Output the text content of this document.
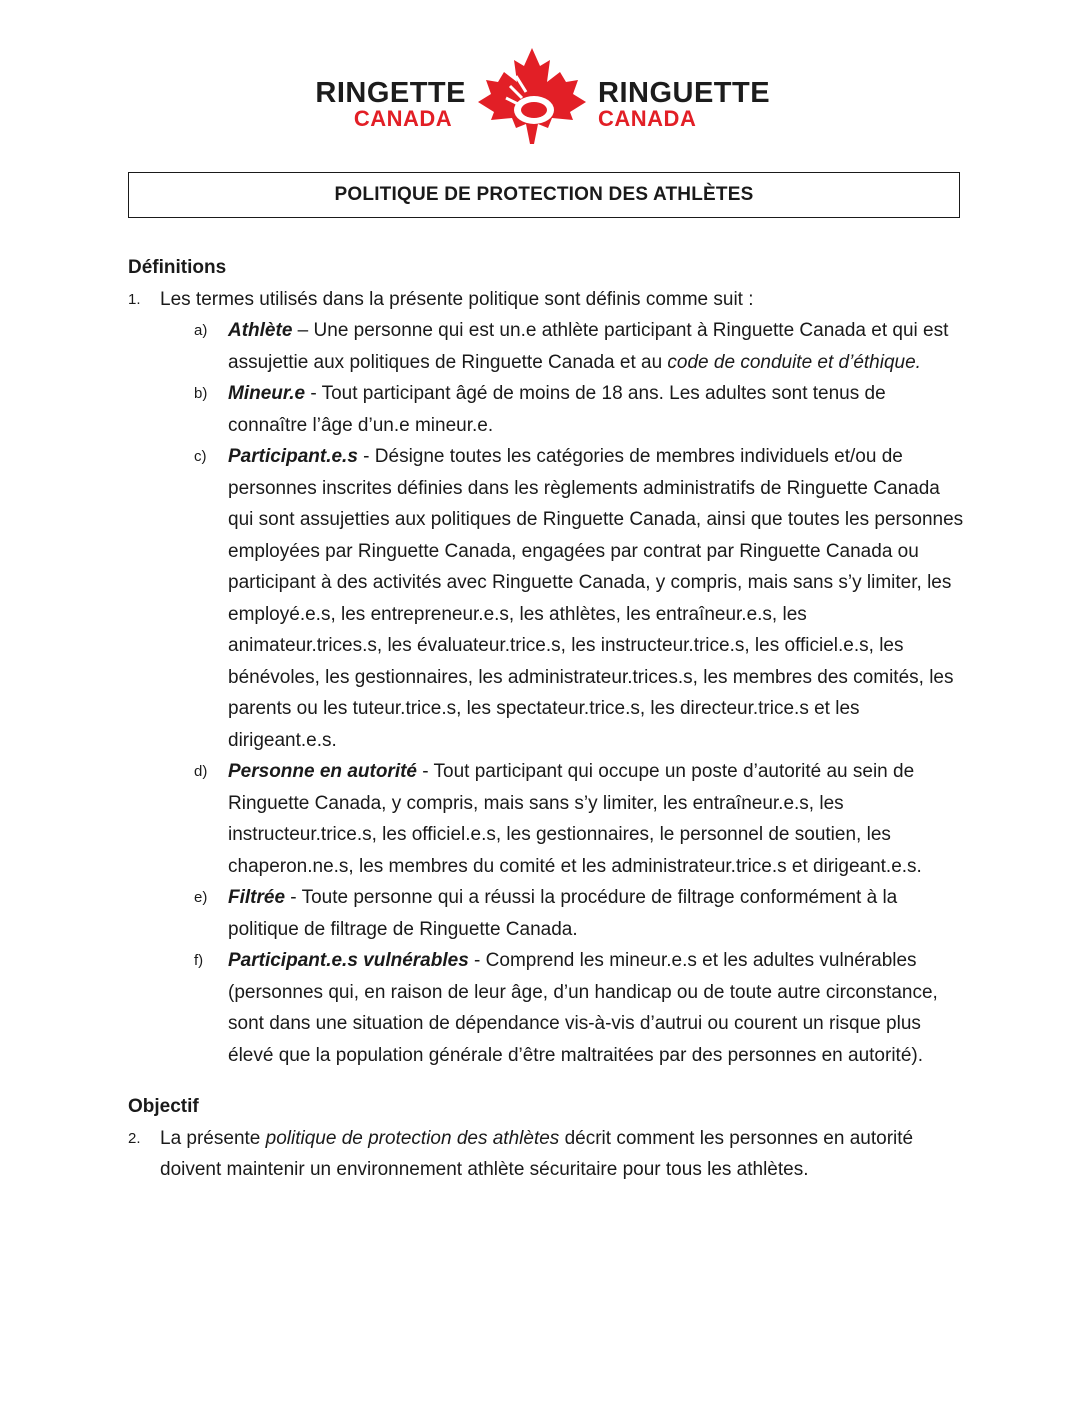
RINGETTE
CANADA
RINGUETTE
CANADA
POLITIQUE DE PROTECTION DES ATHLÈTES

Définitions

1.	Les termes utilisés dans la présente politique sont définis comme suit :
a)	Athlète – Une personne qui est un.e athlète participant à Ringuette Canada et qui est assujettie aux politiques de Ringuette Canada et au code de conduite et d’éthique.
b)	Mineur.e - Tout participant âgé de moins de 18 ans. Les adultes sont tenus de connaître l’âge d’un.e mineur.e.
c)	Participant.e.s - Désigne toutes les catégories de membres individuels et/ou de personnes inscrites définies dans les règlements administratifs de Ringuette Canada qui sont assujetties aux politiques de Ringuette Canada, ainsi que toutes les personnes employées par Ringuette Canada, engagées par contrat par Ringuette Canada ou participant à des activités avec Ringuette Canada, y compris, mais sans s’y limiter, les employé.e.s, les entrepreneur.e.s, les athlètes, les entraîneur.e.s, les animateur.trices.s, les évaluateur.trice.s, les instructeur.trice.s, les officiel.e.s, les bénévoles, les gestionnaires, les administrateur.trices.s, les membres des comités, les parents ou les tuteur.trice.s, les spectateur.trice.s, les directeur.trice.s et les dirigeant.e.s.
d)	Personne en autorité - Tout participant qui occupe un poste d’autorité au sein de Ringuette Canada, y compris, mais sans s’y limiter, les entraîneur.e.s, les instructeur.trice.s, les officiel.e.s, les gestionnaires, le personnel de soutien, les chaperon.ne.s, les membres du comité et les administrateur.trice.s et dirigeant.e.s.
e)	Filtrée - Toute personne qui a réussi la procédure de filtrage conformément à la politique de filtrage de Ringuette Canada.
f)	Participant.e.s vulnérables - Comprend les mineur.e.s et les adultes vulnérables (personnes qui, en raison de leur âge, d’un handicap ou de toute autre circonstance, sont dans une situation de dépendance vis-à-vis d’autrui ou courent un risque plus élevé que la population générale d’être maltraitées par des personnes en autorité).

Objectif

2.	La présente politique de protection des athlètes décrit comment les personnes en autorité doivent maintenir un environnement athlète sécuritaire pour tous les athlètes.
